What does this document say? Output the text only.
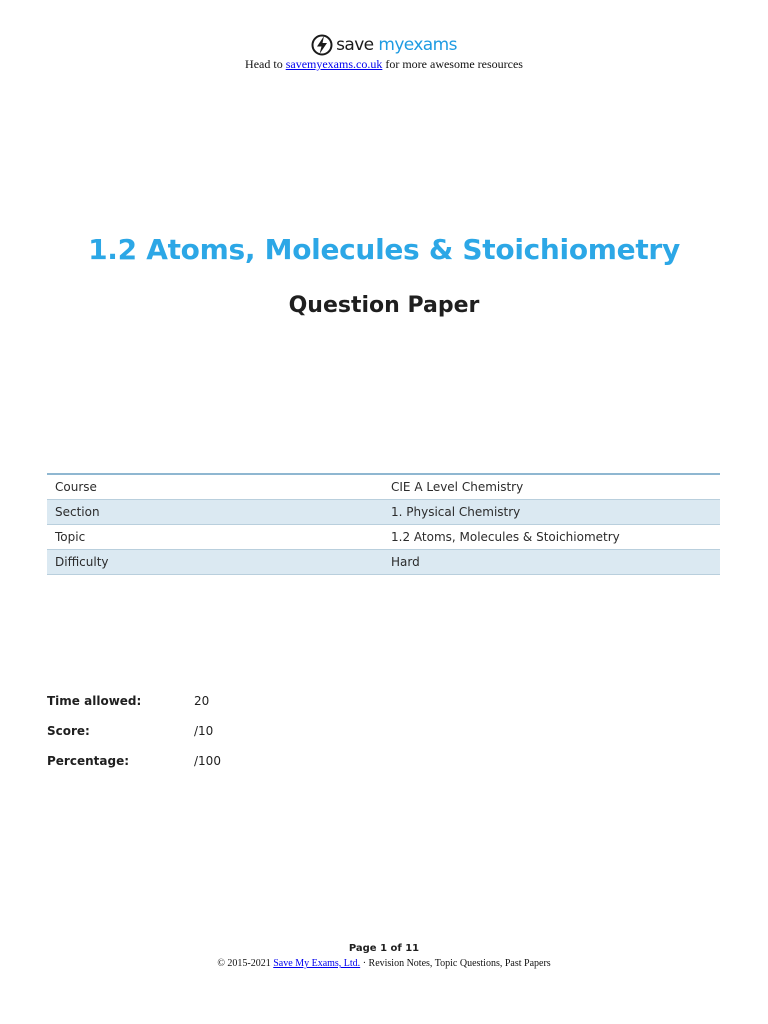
save myexams
Head to savemyexams.co.uk for more awesome resources
1.2 Atoms, Molecules & Stoichiometry
Question Paper
Course	CIE A Level Chemistry
Section	1. Physical Chemistry
Topic	1.2 Atoms, Molecules & Stoichiometry
Difficulty	Hard
Time allowed:	20
Score:	/10
Percentage:	/100
Page 1 of 11
© 2015-2021 Save My Exams, Ltd. · Revision Notes, Topic Questions, Past Papers
